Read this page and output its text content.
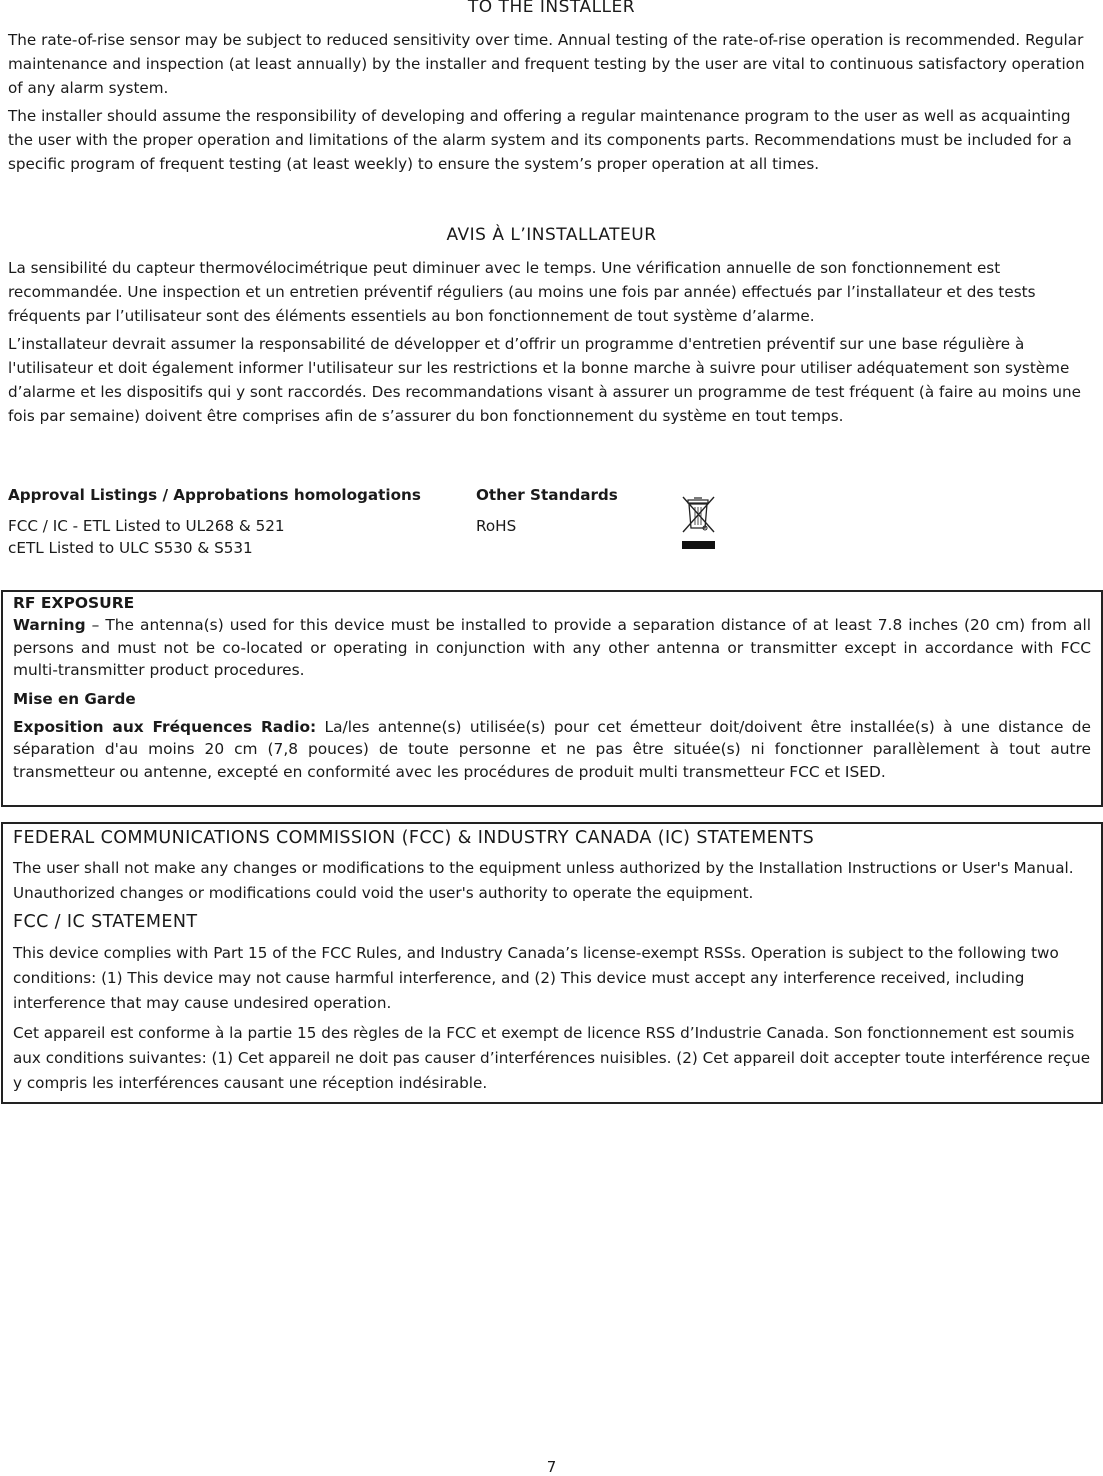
TO THE INSTALLER

The rate-of-rise sensor may be subject to reduced sensitivity over time. Annual testing of the rate-of-rise operation is recommended. Regular maintenance and inspection (at least annually) by the installer and frequent testing by the user are vital to continuous satisfactory operation of any alarm system.

The installer should assume the responsibility of developing and offering a regular maintenance program to the user as well as acquainting the user with the proper operation and limitations of the alarm system and its components parts. Recommendations must be included for a specific program of frequent testing (at least weekly) to ensure the system’s proper operation at all times.

AVIS À L’INSTALLATEUR

La sensibilité du capteur thermovélocimétrique peut diminuer avec le temps. Une vérification annuelle de son fonctionnement est recommandée. Une inspection et un entretien préventif réguliers (au moins une fois par année) effectués par l’installateur et des tests fréquents par l’utilisateur sont des éléments essentiels au bon fonctionnement de tout système d’alarme.

L’installateur devrait assumer la responsabilité de développer et d’offrir un programme d'entretien préventif sur une base régulière à l'utilisateur et doit également informer l'utilisateur sur les restrictions et la bonne marche à suivre pour utiliser adéquatement son système d’alarme et les dispositifs qui y sont raccordés. Des recommandations visant à assurer un programme de test fréquent (à faire au moins une fois par semaine) doivent être comprises afin de s’assurer du bon fonctionnement du système en tout temps.

Approval Listings / Approbations homologations
FCC / IC - ETL Listed to UL268 & 521
cETL Listed to ULC S530 & S531
Other Standards
RoHS
RF EXPOSURE
Warning – The antenna(s) used for this device must be installed to provide a separation distance of at least 7.8 inches (20 cm) from all persons and must not be co-located or operating in conjunction with any other antenna or transmitter except in accordance with FCC multi-transmitter product procedures.
Mise en Garde
Exposition aux Fréquences Radio: La/les antenne(s) utilisée(s) pour cet émetteur doit/doivent être installée(s) à une distance de séparation d'au moins 20 cm (7,8 pouces) de toute personne et ne pas être située(s) ni fonctionner parallèlement à tout autre transmetteur ou antenne, excepté en conformité avec les procédures de produit multi transmetteur FCC et ISED.

FEDERAL COMMUNICATIONS COMMISSION (FCC) & INDUSTRY CANADA (IC) STATEMENTS

The user shall not make any changes or modifications to the equipment unless authorized by the Installation Instructions or User's Manual. Unauthorized changes or modifications could void the user's authority to operate the equipment.

FCC / IC STATEMENT

This device complies with Part 15 of the FCC Rules, and Industry Canada’s license-exempt RSSs. Operation is subject to the following two conditions: (1) This device may not cause harmful interference, and (2) This device must accept any interference received, including interference that may cause undesired operation.

Cet appareil est conforme à la partie 15 des règles de la FCC et exempt de licence RSS d’Industrie Canada. Son fonctionnement est soumis aux conditions suivantes: (1) Cet appareil ne doit pas causer d’interférences nuisibles. (2) Cet appareil doit accepter toute interférence reçue y compris les interférences causant une réception indésirable.

7
